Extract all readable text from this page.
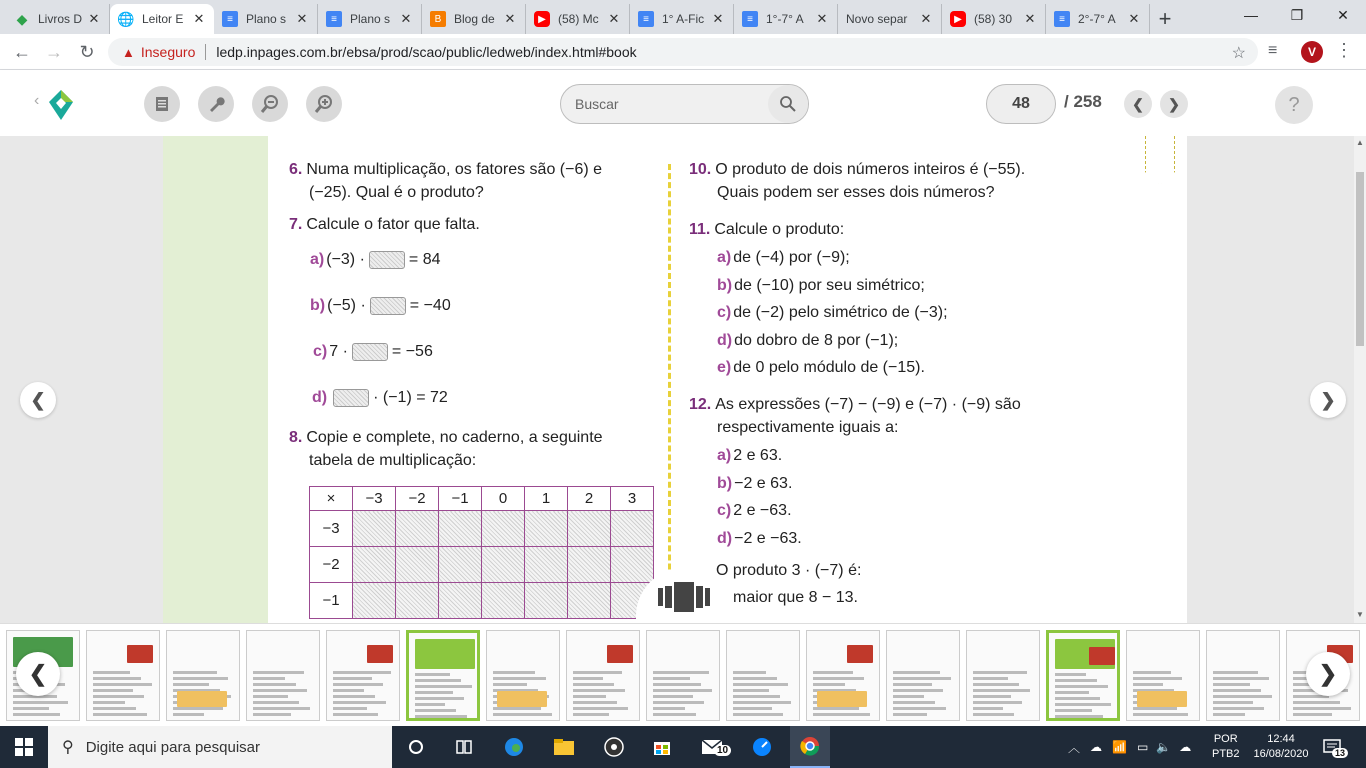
◆ Livros D ✕ 🌐 Leitor E ✕	≡	Plano s ✕	≡	Plano s ✕	B	Blog de ✕	▶	(58) Mc ✕	≡	1° A-Fic ✕	≡	1°-7° A ✕ Novo separ	✕	▶	(58) 30 ✕	≡	2°-7° A ✕ +	—	❐	✕
← → ↻	▲ Inseguro ledp.inpages.com.br/ebsa/prod/scao/public/ledweb/index.html#book	☆ ≡	V	⋮
‹
Buscar	48	/ 258	❮	❯	?
6. Numa multiplicação, os fatores são (−6) e
(−25). Qual é o produto?
7. Calcule o fator que falta.
a) (−3) ·	= 84
b) (−5) ·	= −40
c) 7 ·	= −56
d)	· (−1) = 72
8. Copie e complete, no caderno, a seguinte
tabela de multiplicação:
×	−3	−2	−1	0	1	2	3
−3							
−2							
−1							
10. O produto de dois números inteiros é (−55).
Quais podem ser esses dois números?
11. Calcule o produto:
a) de (−4) por (−9);
b) de (−10) por seu simétrico;
c) de (−2) pelo simétrico de (−3);
d) do dobro de 8 por (−1);
e) de 0 pelo módulo de (−15).
12. As expressões (−7) − (−9) e (−7) · (−9) são
respectivamente iguais a:
a) 2 e 63.
b) −2 e 63.
c) 2 e −63.
d) −2 e −63.
O produto 3 · (−7) é:
maior que 8 − 13.
❮	❯
▲
▼
❮	❯
⚲ Digite aqui para pesquisar	10	︿ ☁ 📶 ▭ 🔈 ☁
POR
PTB2
12:44
16/08/2020	13
